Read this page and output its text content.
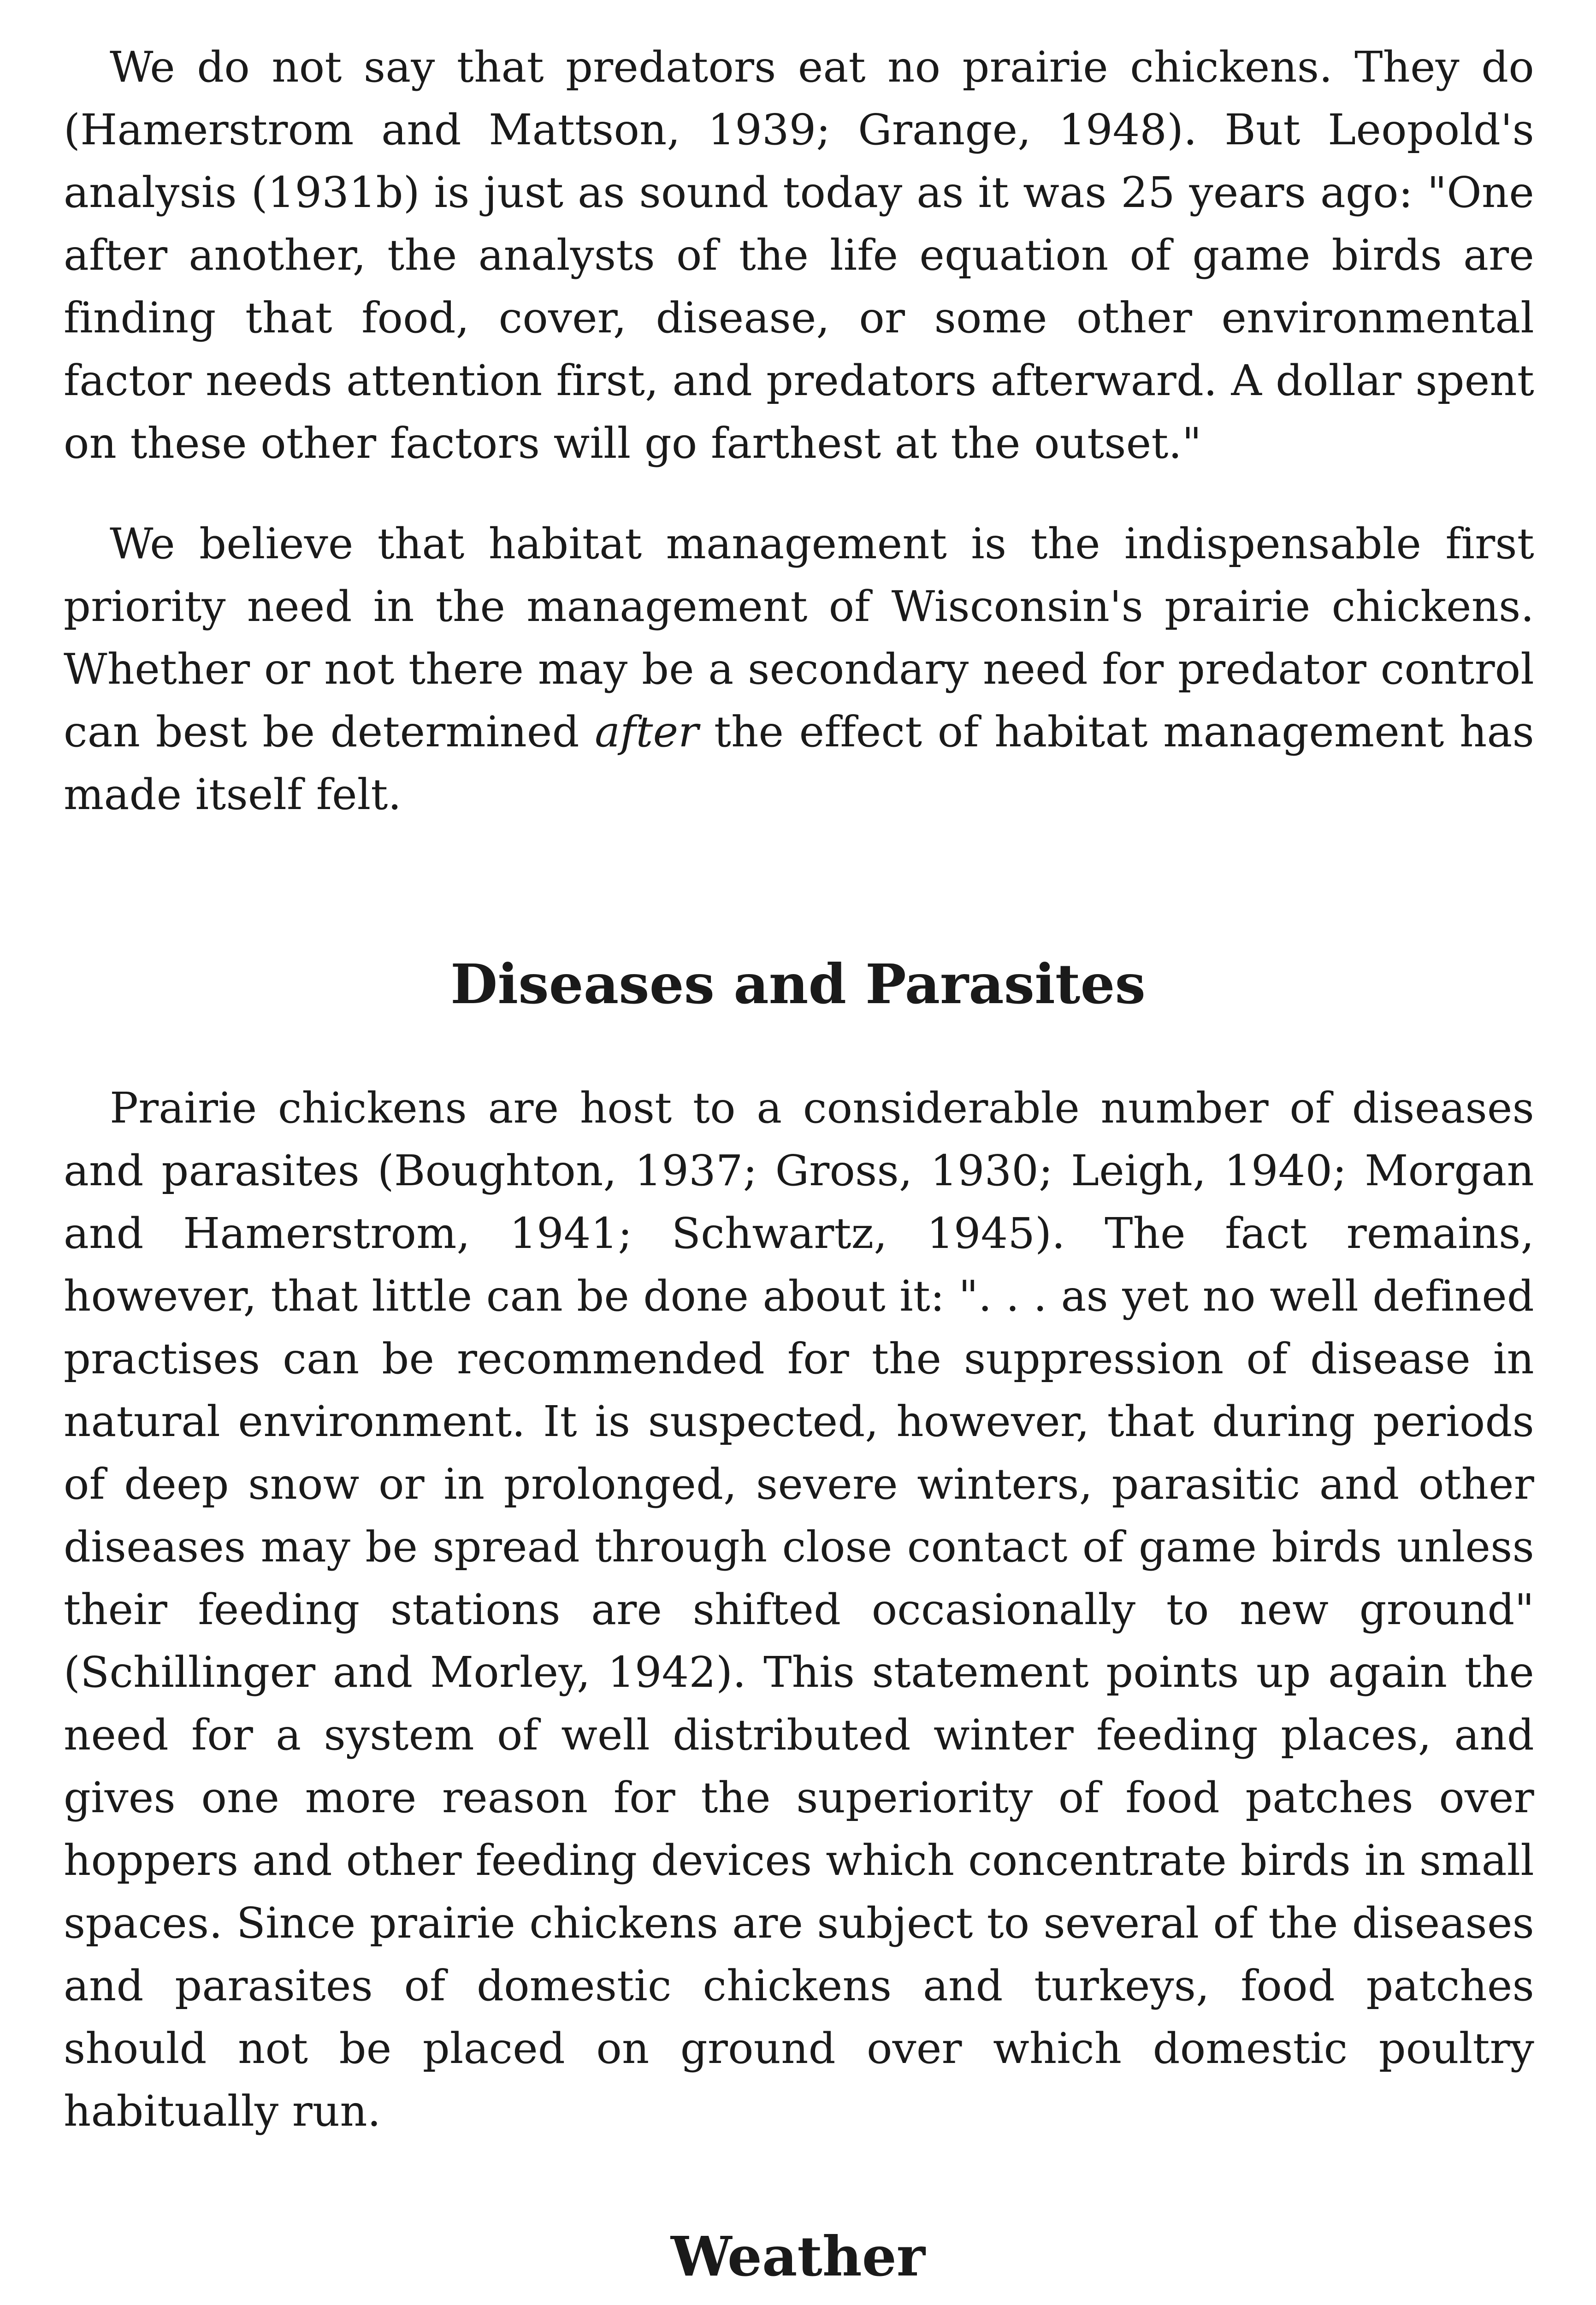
We do not say that predators eat no prairie chickens. They do (Hamerstrom and Mattson, 1939; Grange, 1948). But Leopold's analysis (1931b) is just as sound today as it was 25 years ago: "One after another, the analysts of the life equation of game birds are finding that food, cover, disease, or some other environmental factor needs attention first, and predators afterward. A dollar spent on these other factors will go farthest at the outset."

We believe that habitat management is the indispensable first priority need in the management of Wisconsin's prairie chickens. Whether or not there may be a secondary need for predator control can best be determined after the effect of habitat management has made itself felt.

Diseases and Parasites

Prairie chickens are host to a considerable number of diseases and parasites (Boughton, 1937; Gross, 1930; Leigh, 1940; Morgan and Hamerstrom, 1941; Schwartz, 1945). The fact remains, however, that little can be done about it: ". . . as yet no well defined practises can be recommended for the suppression of disease in natural environment. It is suspected, however, that during periods of deep snow or in prolonged, severe winters, parasitic and other diseases may be spread through close contact of game birds unless their feeding stations are shifted occasionally to new ground" (Schillinger and Morley, 1942). This statement points up again the need for a system of well distributed winter feeding places, and gives one more reason for the superiority of food patches over hoppers and other feeding devices which concentrate birds in small spaces. Since prairie chickens are subject to several of the diseases and parasites of domestic chickens and turkeys, food patches should not be placed on ground over which domestic poultry habitually run.

Weather
